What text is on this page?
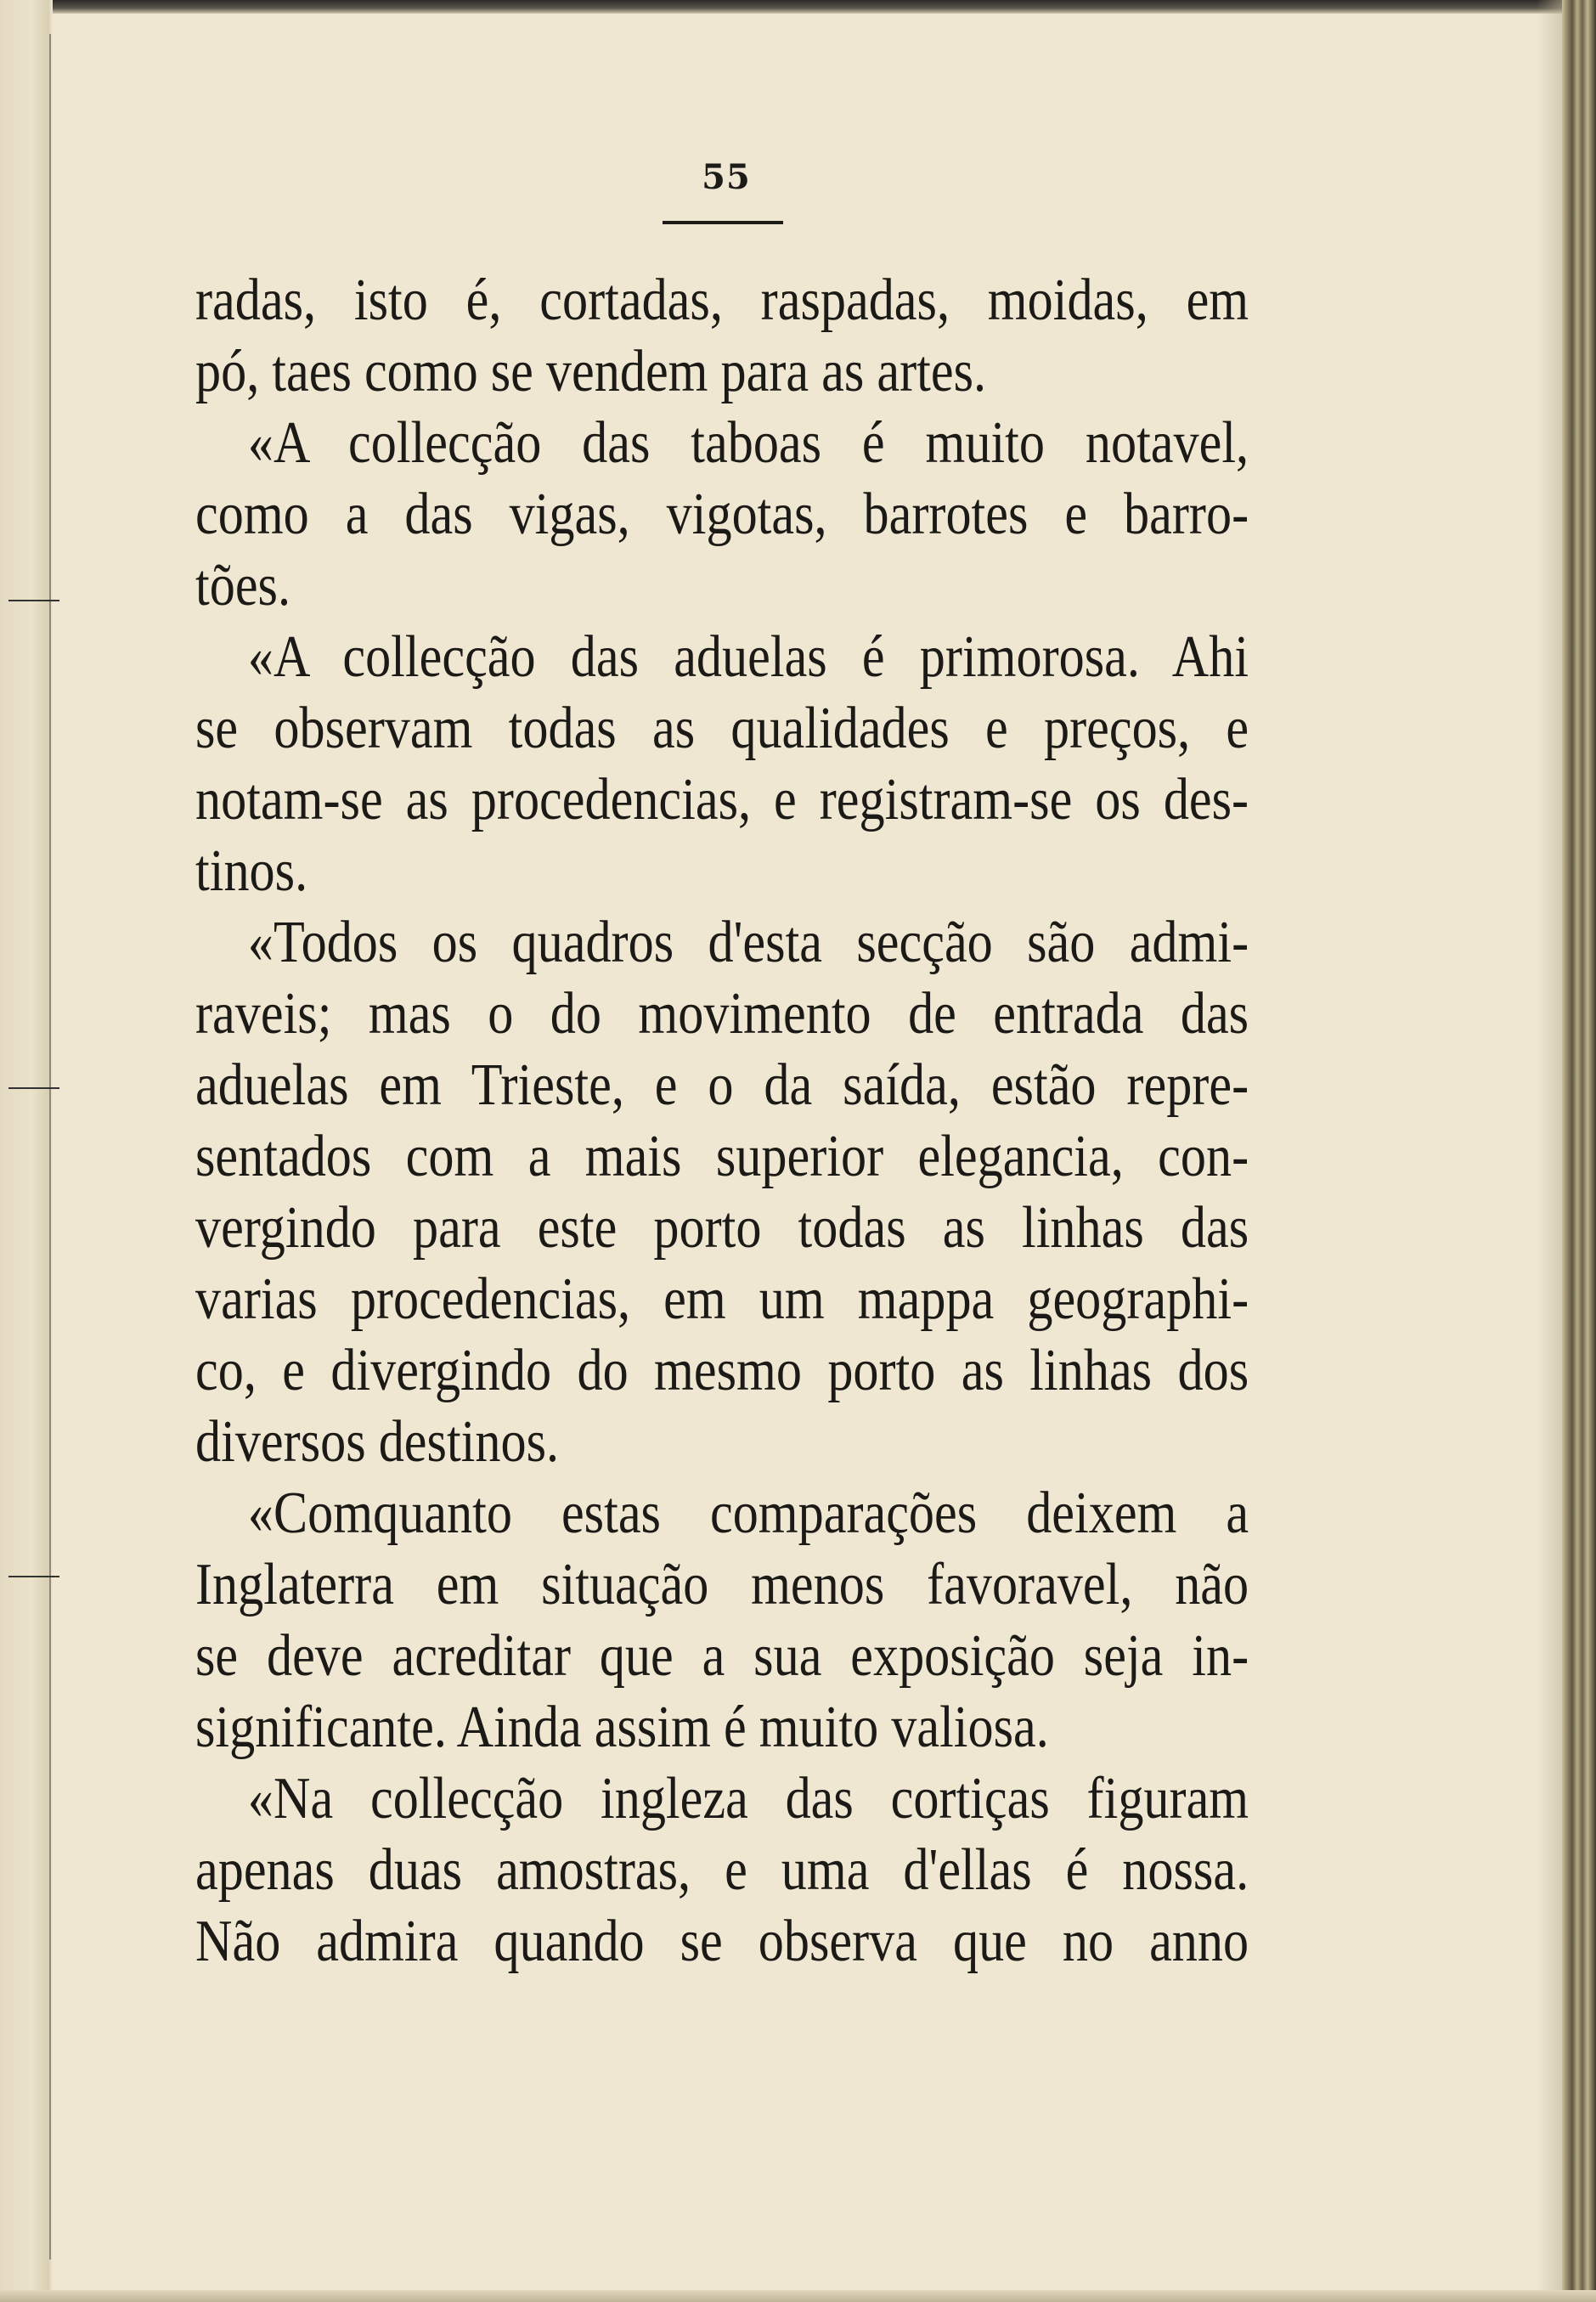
55
radas, isto é, cortadas, raspadas, moidas, em
pó, taes como se vendem para as artes.
«A collecção das taboas é muito notavel,
como a das vigas, vigotas, barrotes e barro-
tões.
«A collecção das aduelas é primorosa. Ahi
se observam todas as qualidades e preços, e
notam-se as procedencias, e registram-se os des-
tinos.
«Todos os quadros d'esta secção são admi-
raveis; mas o do movimento de entrada das
aduelas em Trieste, e o da saída, estão repre-
sentados com a mais superior elegancia, con-
vergindo para este porto todas as linhas das
varias procedencias, em um mappa geographi-
co, e divergindo do mesmo porto as linhas dos
diversos destinos.
«Comquanto estas comparações deixem a
Inglaterra em situação menos favoravel, não
se deve acreditar que a sua exposição seja in-
significante. Ainda assim é muito valiosa.
«Na collecção ingleza das cortiças figuram
apenas duas amostras, e uma d'ellas é nossa.
Não admira quando se observa que no anno
